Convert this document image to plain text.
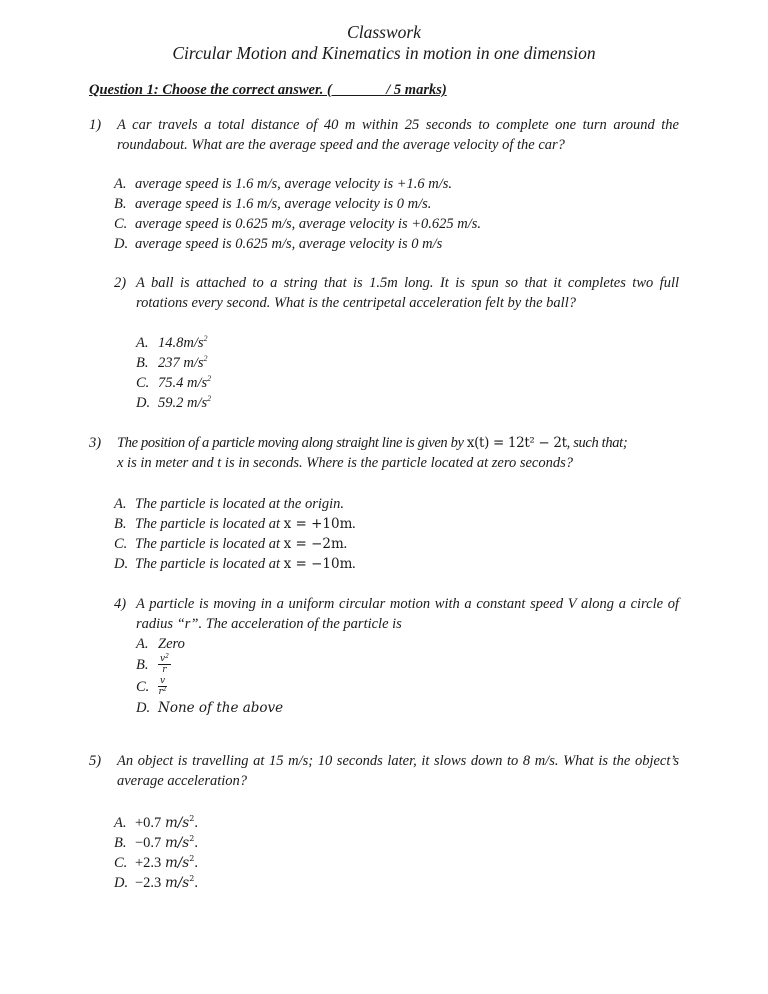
Classwork
Circular Motion and Kinematics in motion in one dimension
Question 1: Choose the correct answer. (               / 5 marks)
1) A car travels a total distance of 40 m within 25 seconds to complete one turn around the roundabout. What are the average speed and the average velocity of the car?
A. average speed is 1.6 m/s, average velocity is +1.6 m/s.
B. average speed is 1.6 m/s, average velocity is 0 m/s.
C. average speed is 0.625 m/s, average velocity is +0.625 m/s.
D. average speed is 0.625 m/s, average velocity is 0 m/s
2) A ball is attached to a string that is 1.5m long. It is spun so that it completes two full rotations every second. What is the centripetal acceleration felt by the ball?
A. $14.8m/s^2$
B. 237 $m/s^2$
C. 75.4 $m/s^2$
D. 59.2 $m/s^2$
3) The position of a particle moving along straight line is given by x(t) = 12t² − 2t, such that;
x is in meter and t is in seconds. Where is the particle located at zero seconds?
A. The particle is located at the origin.
B. The particle is located at x = +10m.
C. The particle is located at x = −2m.
D. The particle is located at x = −10m.
4) A particle is moving in a uniform circular motion with a constant speed V along a circle of radius “r”. The acceleration of the particle is
A. Zero
B. $\frac{v^2}{r}$
C. $\frac{v}{r^2}$
D. None of the above
5) An object is travelling at 15 m/s; 10 seconds later, it slows down to 8 m/s. What is the object’s average acceleration?
A. +0.7 $m/s^2$.
B. −0.7 $m/s^2$.
C. +2.3 $m/s^2$.
D. −2.3 $m/s^2$.
